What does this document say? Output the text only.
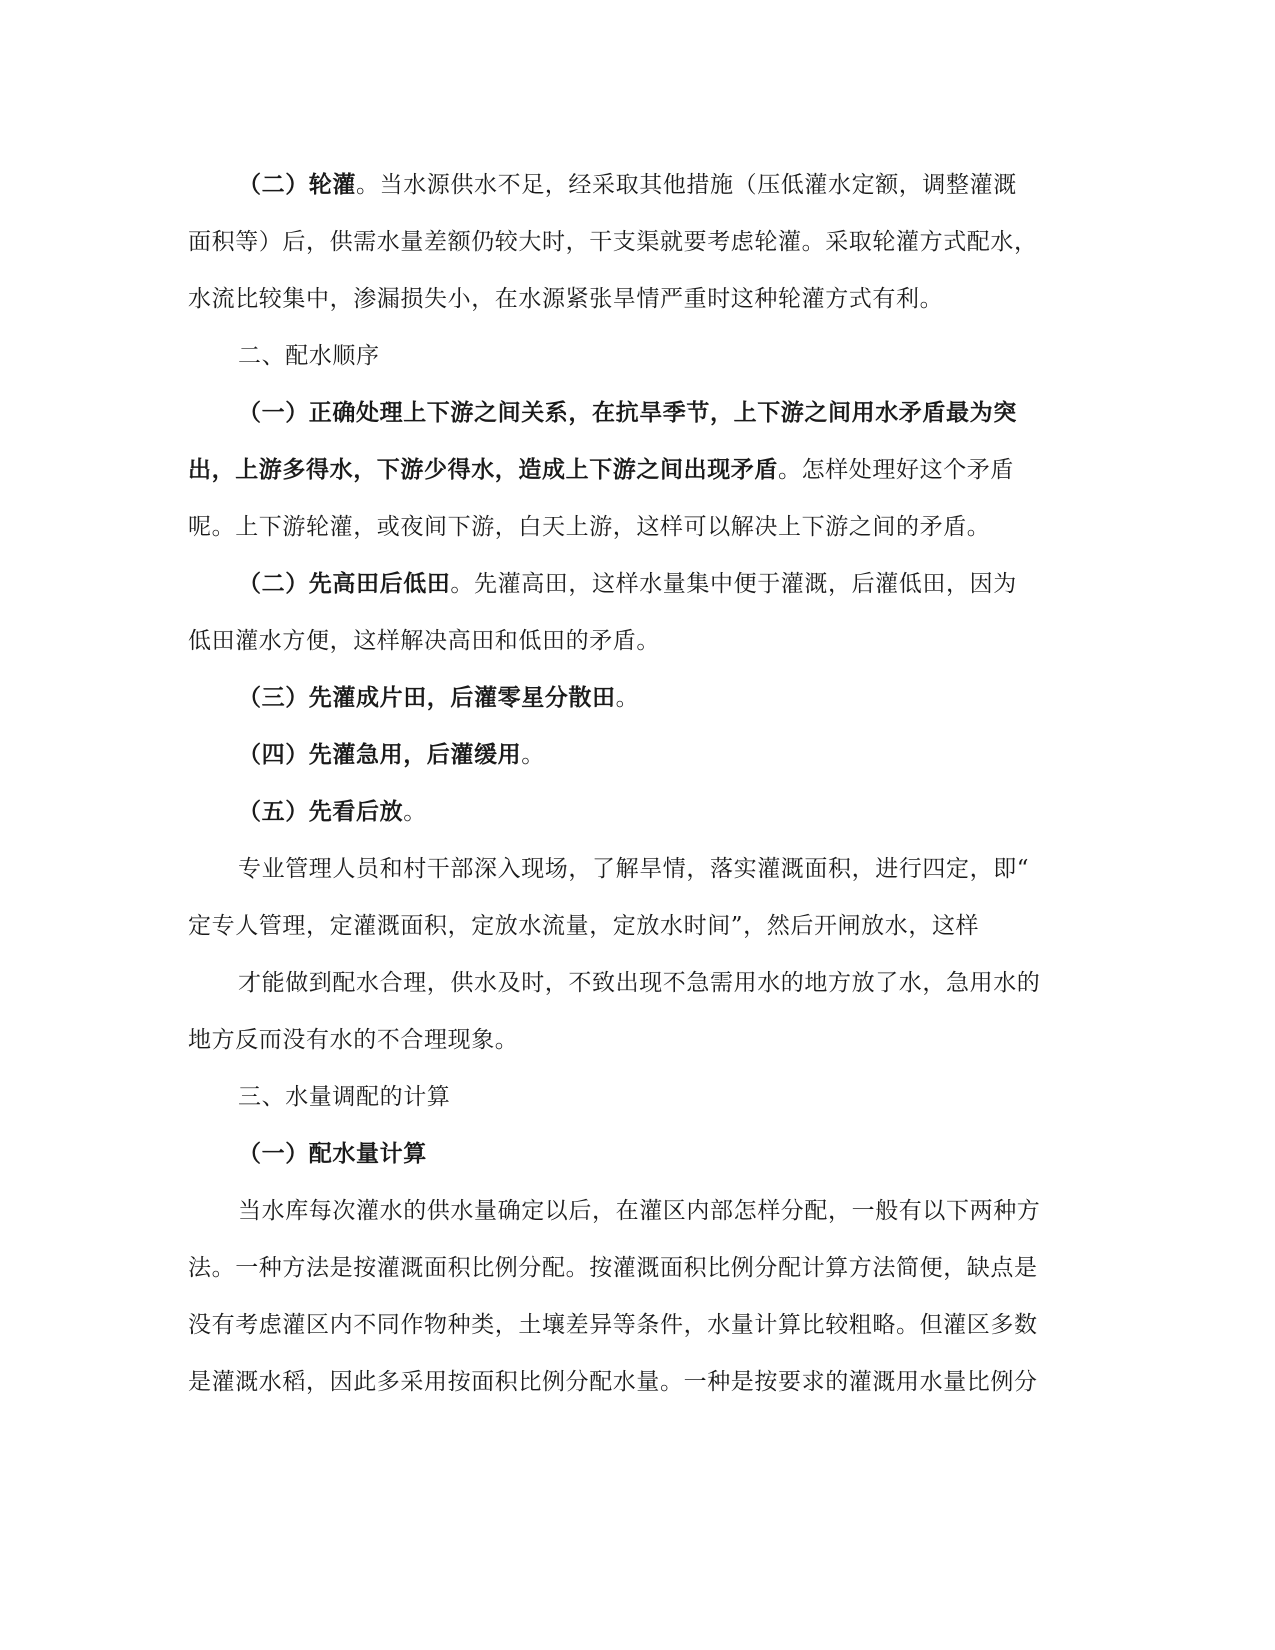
（二）轮灌。当水源供水不足，经采取其他措施（压低灌水定额，调整灌溉
面积等）后，供需水量差额仍较大时，干支渠就要考虑轮灌。采取轮灌方式配水，
水流比较集中，渗漏损失小，在水源紧张旱情严重时这种轮灌方式有利。
二、配水顺序
（一）正确处理上下游之间关系，在抗旱季节，上下游之间用水矛盾最为突
出，上游多得水，下游少得水，造成上下游之间出现矛盾。怎样处理好这个矛盾
呢。上下游轮灌，或夜间下游，白天上游，这样可以解决上下游之间的矛盾。
（二）先高田后低田。先灌高田，这样水量集中便于灌溉，后灌低田，因为
低田灌水方便，这样解决高田和低田的矛盾。
（三）先灌成片田，后灌零星分散田。
（四）先灌急用，后灌缓用。
（五）先看后放。
专业管理人员和村干部深入现场，了解旱情，落实灌溉面积，进行四定，即“
定专人管理，定灌溉面积，定放水流量，定放水时间”，然后开闸放水，这样
才能做到配水合理，供水及时，不致出现不急需用水的地方放了水，急用水的
地方反而没有水的不合理现象。
三、水量调配的计算
（一）配水量计算
当水库每次灌水的供水量确定以后，在灌区内部怎样分配，一般有以下两种方
法。一种方法是按灌溉面积比例分配。按灌溉面积比例分配计算方法简便，缺点是
没有考虑灌区内不同作物种类，土壤差异等条件，水量计算比较粗略。但灌区多数
是灌溉水稻，因此多采用按面积比例分配水量。一种是按要求的灌溉用水量比例分
